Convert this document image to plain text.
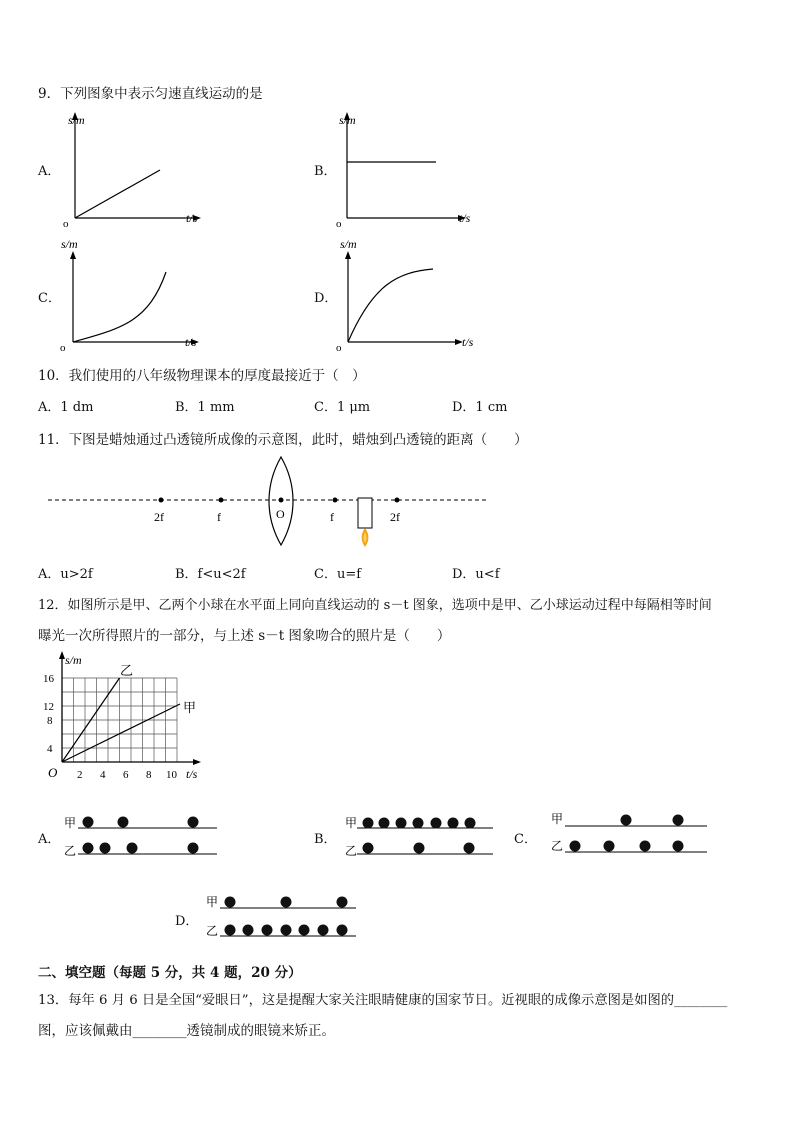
9．下列图象中表示匀速直线运动的是
A．
s/m
t/s
o
B．
s/m
t/s
o
C．
s/m
t/s
o
D．
s/m
t/s
o
10．我们使用的八年级物理课本的厚度最接近于（　）
A．1 dm	B．1 mm	C．1 μm	D．1 cm
11．下图是蜡烛通过凸透镜所成像的示意图，此时，蜡烛到凸透镜的距离（　　）
2f	f	O	f	2f
A．u>2f	B．f<u<2f	C．u=f	D．u<f
12．如图所示是甲、乙两个小球在水平面上同向直线运动的 s－t 图象，选项中是甲、乙小球运动过程中每隔相等时间
曝光一次所得照片的一部分，与上述 s－t 图象吻合的照片是（　　）
s/m
t/s
O
4
8
12
16
2 4 6 8 10
乙
甲
A．
甲
乙
B．
甲
乙
C．
甲
乙
D．
甲
乙
二、填空题（每题 5 分，共 4 题，20 分）
13．每年 6 月 6 日是全国“爱眼日”，这是提醒大家关注眼睛健康的国家节日。近视眼的成像示意图是如图的________
图，应该佩戴由________透镜制成的眼镜来矫正。
